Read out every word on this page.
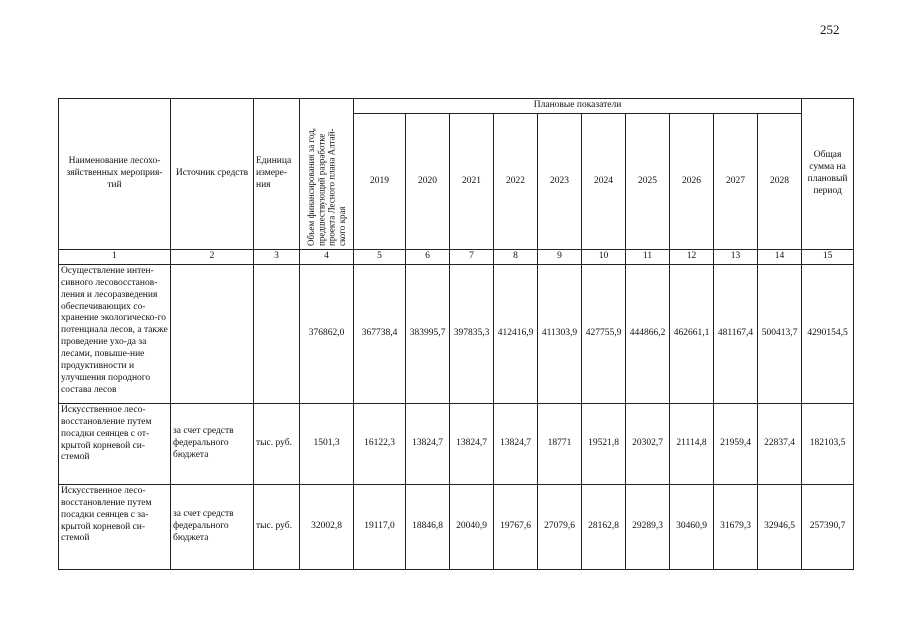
252
Наименование лесохо-зяйственных мероприя-тий	Источник средств	Единица измере-ния	Объем финансирования за год,
предшествующий разработке
проекта Лесного плана Алтай-
ского края	Плановые показатели										Общая сумма на плановый период
				2019	2020	2021	2022	2023	2024	2025	2026	2027	2028	
1	2	3	4	5	6	7	8	9	10	11	12	13	14	15
Осуществление интен-сивного лесовосстанов-ления и лесоразведения обеспечивающих со-хранение экологическо-го потенциала лесов, а также проведение ухо-да за лесами, повыше-ние продуктивности и улучшения породного состава лесов			376862,0	367738,4	383995,7	397835,3	412416,9	411303,9	427755,9	444866,2	462661,1	481167,4	500413,7	4290154,5
Искусственное лесо-восстановление путем посадки сеянцев с от-крытой корневой си-стемой	за счет средств федерального бюджета	тыс. руб.	1501,3	16122,3	13824,7	13824,7	13824,7	18771	19521,8	20302,7	21114,8	21959,4	22837,4	182103,5
Искусственное лесо-восстановление путем посадки сеянцев с за-крытой корневой си-стемой	за счет средств федерального бюджета	тыс. руб.	32002,8	19117,0	18846,8	20040,9	19767,6	27079,6	28162,8	29289,3	30460,9	31679,3	32946,5	257390,7
